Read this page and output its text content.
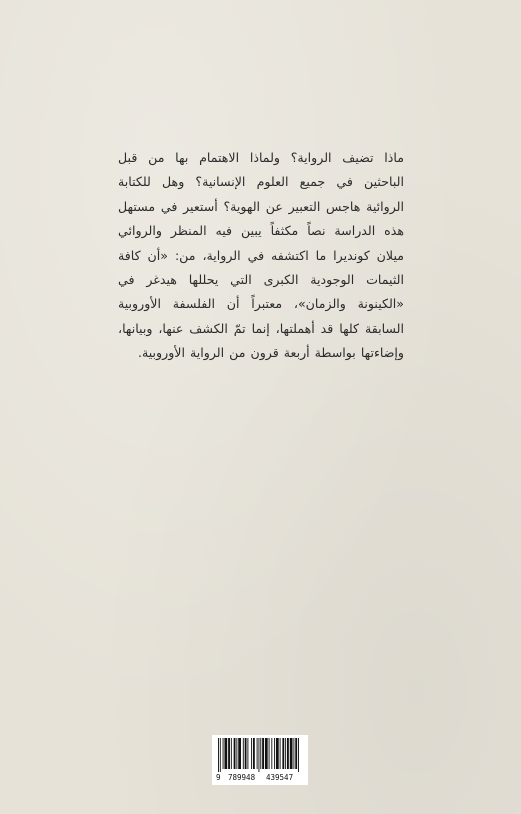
ماذا تضيف الرواية؟ ولماذا الاهتمام بها من قبل الباحثين في جميع العلوم الإنسانية؟ وهل للكتابة الروائية هاجس التعبير عن الهوية؟ أستعير في مستهل هذه الدراسة نصاً مكثفاً يبين فيه المنظر والروائي ميلان كونديرا ما اكتشفه في الرواية، من: «أن كافة الثيمات الوجودية الكبرى التي يحللها هيدغر في «الكينونة والزمان»، معتبراً أن الفلسفة الأوروبية السابقة كلها قد أهملتها، إنما تمّ الكشف عنها، وبيانها، وإضاءتها بواسطة أربعة قرون من الرواية الأوروبية.

9 789948 439547
